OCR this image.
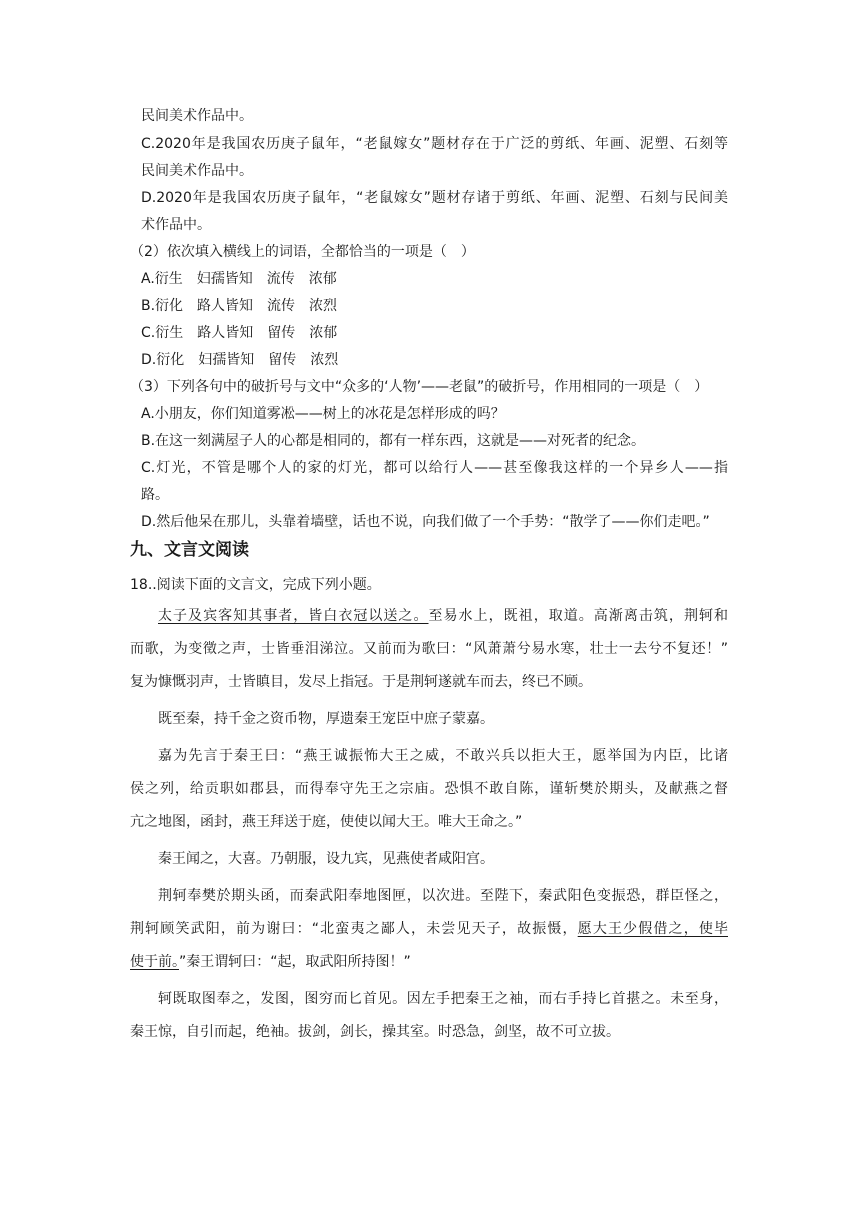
民间美术作品中。
C.2020年是我国农历庚子鼠年，“老鼠嫁女”题材存在于广泛的剪纸、年画、泥塑、石刻等
民间美术作品中。
D.2020年是我国农历庚子鼠年，“老鼠嫁女”题材存诸于剪纸、年画、泥塑、石刻与民间美
术作品中。
（2）依次填入横线上的词语，全都恰当的一项是（　）
A.衍生　妇孺皆知　流传　浓郁
B.衍化　路人皆知　流传　浓烈
C.衍生　路人皆知　留传　浓郁
D.衍化　妇孺皆知　留传　浓烈
（3）下列各句中的破折号与文中“众多的‘人物’——老鼠”的破折号，作用相同的一项是（　）
A.小朋友，你们知道雾凇——树上的冰花是怎样形成的吗？
B.在这一刻满屋子人的心都是相同的，都有一样东西，这就是——对死者的纪念。
C.灯光，不管是哪个人的家的灯光，都可以给行人——甚至像我这样的一个异乡人——指
路。
D.然后他呆在那儿，头靠着墙壁，话也不说，向我们做了一个手势：“散学了——你们走吧。”
九、文言文阅读
18..阅读下面的文言文，完成下列小题。
太子及宾客知其事者，皆白衣冠以送之。至易水上，既祖，取道。高渐离击筑，荆轲和
而歌，为变徵之声，士皆垂泪涕泣。又前而为歌曰：“风萧萧兮易水寒，壮士一去兮不复还！”
复为慷慨羽声，士皆瞋目，发尽上指冠。于是荆轲遂就车而去，终已不顾。
既至秦，持千金之资币物，厚遗秦王宠臣中庶子蒙嘉。
嘉为先言于秦王曰：“燕王诚振怖大王之威，不敢兴兵以拒大王，愿举国为内臣，比诸
侯之列，给贡职如郡县，而得奉守先王之宗庙。恐惧不敢自陈，谨斩樊於期头，及献燕之督
亢之地图，函封，燕王拜送于庭，使使以闻大王。唯大王命之。”
秦王闻之，大喜。乃朝服，设九宾，见燕使者咸阳宫。
荆轲奉樊於期头函，而秦武阳奉地图匣，以次进。至陛下，秦武阳色变振恐，群臣怪之，
荆轲顾笑武阳，前为谢曰：“北蛮夷之鄙人，未尝见天子，故振慑，愿大王少假借之，使毕
使于前。”秦王谓轲曰：“起，取武阳所持图！”
轲既取图奉之，发图，图穷而匕首见。因左手把秦王之袖，而右手持匕首揕之。未至身，
秦王惊，自引而起，绝袖。拔剑，剑长，操其室。时恐急，剑坚，故不可立拔。
